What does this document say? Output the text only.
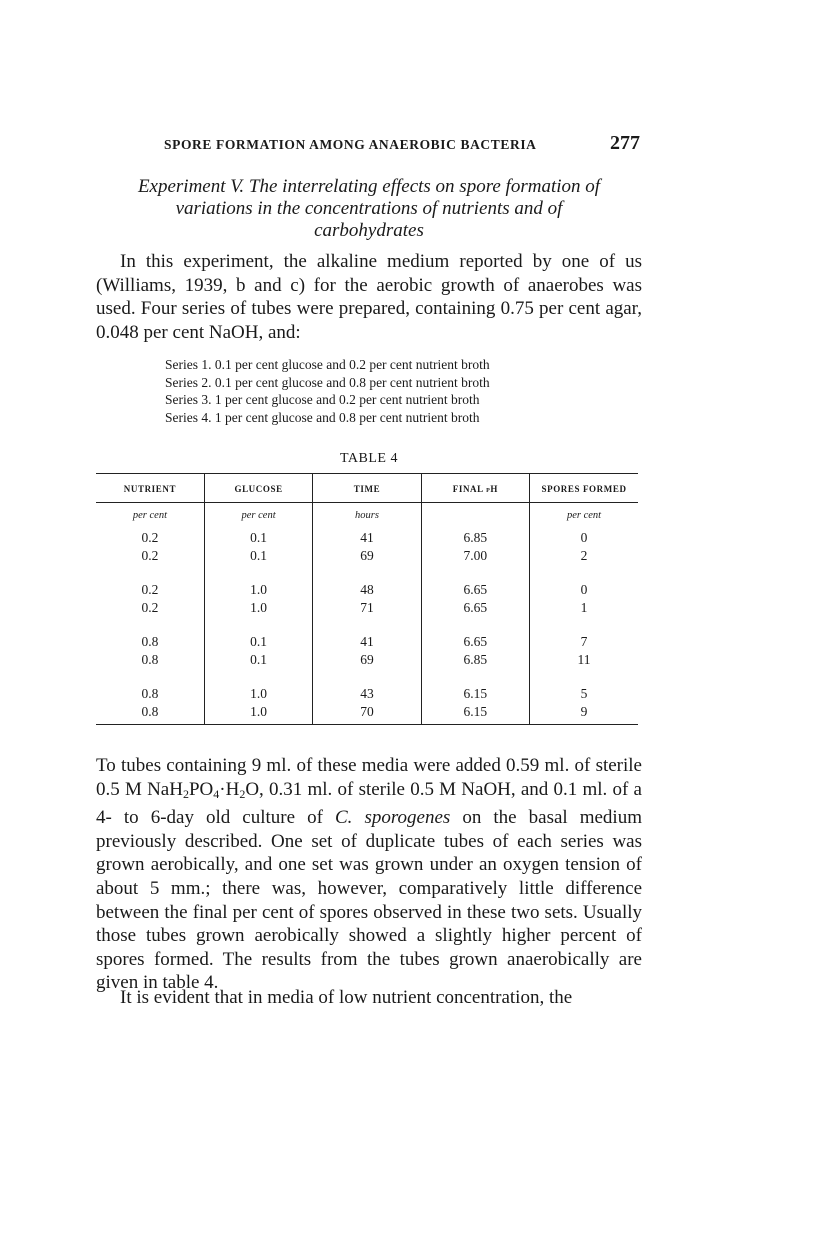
SPORE FORMATION AMONG ANAEROBIC BACTERIA	277
Experiment V. The interrelating effects on spore formation of
variations in the concentrations of nutrients and of
carbohydrates

In this experiment, the alkaline medium reported by one of us (Williams, 1939, b and c) for the aerobic growth of anaerobes was used. Four series of tubes were prepared, containing 0.75 per cent agar, 0.048 per cent NaOH, and:

Series 1. 0.1 per cent glucose and 0.2 per cent nutrient broth
Series 2. 0.1 per cent glucose and 0.8 per cent nutrient broth
Series 3. 1 per cent glucose and 0.2 per cent nutrient broth
Series 4. 1 per cent glucose and 0.8 per cent nutrient broth
TABLE 4
NUTRIENT	GLUCOSE	TIME	FINAL pH	SPORES FORMED
per cent	per cent	hours		per cent
0.2	0.1	41	6.85	0
0.2	0.1	69	7.00	2

0.2	1.0	48	6.65	0
0.2	1.0	71	6.65	1

0.8	0.1	41	6.65	7
0.8	0.1	69	6.85	11

0.8	1.0	43	6.15	5
0.8	1.0	70	6.15	9

To tubes containing 9 ml. of these media were added 0.59 ml. of sterile 0.5 M $NaH_2PO_4\cdot H_2O$, 0.31 ml. of sterile 0.5 M NaOH, and 0.1 ml. of a 4- to 6-day old culture of C. sporogenes on the basal medium previously described. One set of duplicate tubes of each series was grown aerobically, and one set was grown under an oxygen tension of about 5 mm.; there was, however, comparatively little difference between the final per cent of spores observed in these two sets. Usually those tubes grown aerobically showed a slightly higher percent of spores formed. The results from the tubes grown anaerobically are given in table 4.

It is evident that in media of low nutrient concentration, the
